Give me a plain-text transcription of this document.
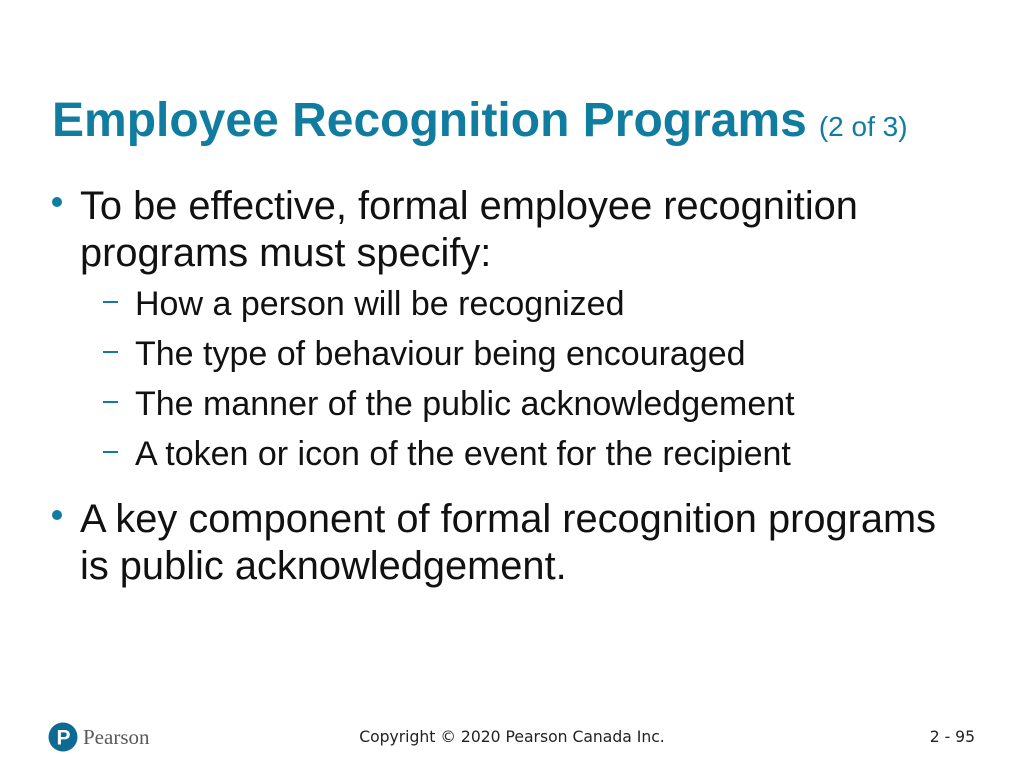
Employee Recognition Programs (2 of 3)

To be effective, formal employee recognition programs must specify:

How a person will be recognized

The type of behaviour being encouraged

The manner of the public acknowledgement

A token or icon of the event for the recipient

A key component of formal recognition programs is public acknowledgement.

P Pearson	Copyright © 2020 Pearson Canada Inc.	2 - 95
